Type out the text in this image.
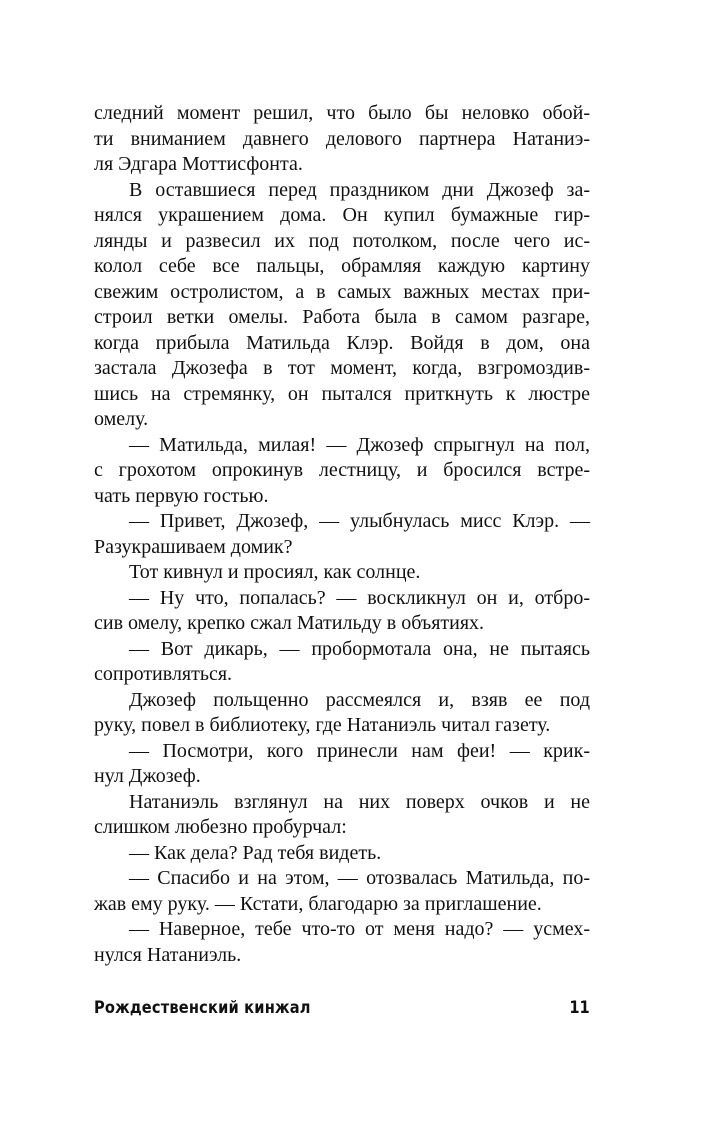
следний момент решил, что было бы неловко обой-
ти вниманием давнего делового партнера Натаниэ-
ля Эдгара Моттисфонта.
В оставшиеся перед праздником дни Джозеф за-
нялся украшением дома. Он купил бумажные гир-
лянды и развесил их под потолком, после чего ис-
колол себе все пальцы, обрамляя каждую картину
свежим остролистом, а в самых важных местах при-
строил ветки омелы. Работа была в самом разгаре,
когда прибыла Матильда Клэр. Войдя в дом, она
застала Джозефа в тот момент, когда, взгромоздив-
шись на стремянку, он пытался приткнуть к люстре
омелу.
— Матильда, милая! — Джозеф спрыгнул на пол,
с грохотом опрокинув лестницу, и бросился встре-
чать первую гостью.
— Привет, Джозеф, — улыбнулась мисс Клэр. —
Разукрашиваем домик?
Тот кивнул и просиял, как солнце.
— Ну что, попалась? — воскликнул он и, отбро-
сив омелу, крепко сжал Матильду в объятиях.
— Вот дикарь, — пробормотала она, не пытаясь
сопротивляться.
Джозеф польщенно рассмеялся и, взяв ее под
руку, повел в библиотеку, где Натаниэль читал газету.
— Посмотри, кого принесли нам феи! — крик-
нул Джозеф.
Натаниэль взглянул на них поверх очков и не
слишком любезно пробурчал:
— Как дела? Рад тебя видеть.
— Спасибо и на этом, — отозвалась Матильда, по-
жав ему руку. — Кстати, благодарю за приглашение.
— Наверное, тебе что-то от меня надо? — усмех-
нулся Натаниэль.
Рождественский кинжал	11
